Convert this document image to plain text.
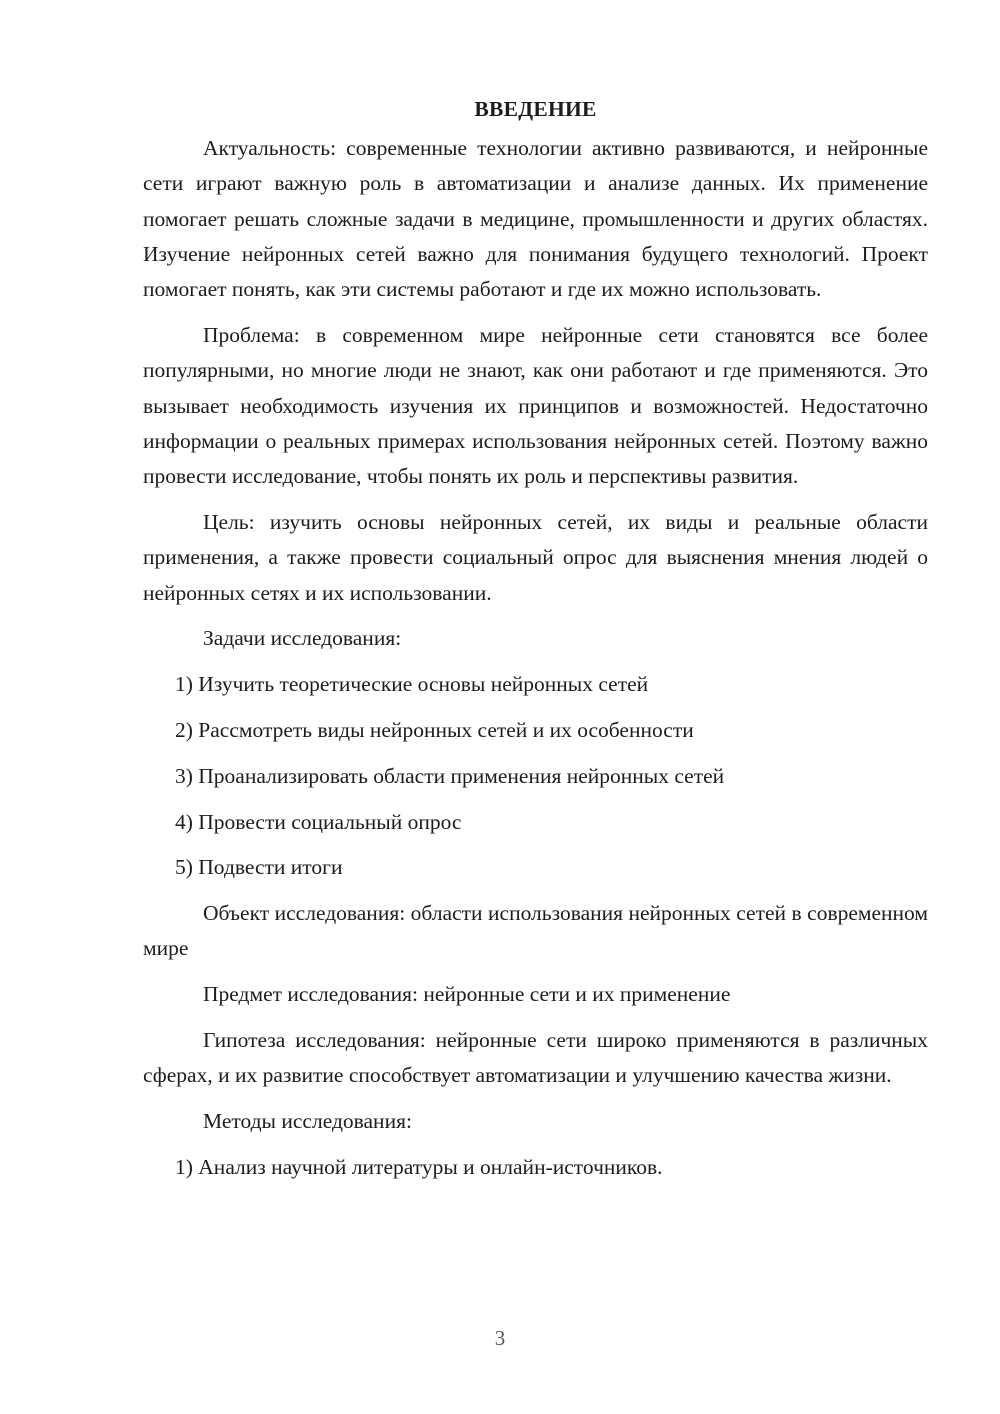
ВВЕДЕНИЕ

Актуальность: современные технологии активно развиваются, и нейронные сети играют важную роль в автоматизации и анализе данных. Их применение помогает решать сложные задачи в медицине, промышленности и других областях. Изучение нейронных сетей важно для понимания будущего технологий. Проект помогает понять, как эти системы работают и где их можно использовать.

Проблема: в современном мире нейронные сети становятся все более популярными, но многие люди не знают, как они работают и где применяются. Это вызывает необходимость изучения их принципов и возможностей. Недостаточно информации о реальных примерах использования нейронных сетей. Поэтому важно провести исследование, чтобы понять их роль и перспективы развития.

Цель: изучить основы нейронных сетей, их виды и реальные области применения, а также провести социальный опрос для выяснения мнения людей о нейронных сетях и их использовании.

Задачи исследования:

1) Изучить теоретические основы нейронных сетей
2) Рассмотреть виды нейронных сетей и их особенности
3) Проанализировать области применения нейронных сетей
4) Провести социальный опрос
5) Подвести итоги

Объект исследования: области использования нейронных сетей в современном мире

Предмет исследования: нейронные сети и их применение

Гипотеза исследования: нейронные сети широко применяются в различных сферах, и их развитие способствует автоматизации и улучшению качества жизни.

Методы исследования:

1) Анализ научной литературы и онлайн-источников.
3
